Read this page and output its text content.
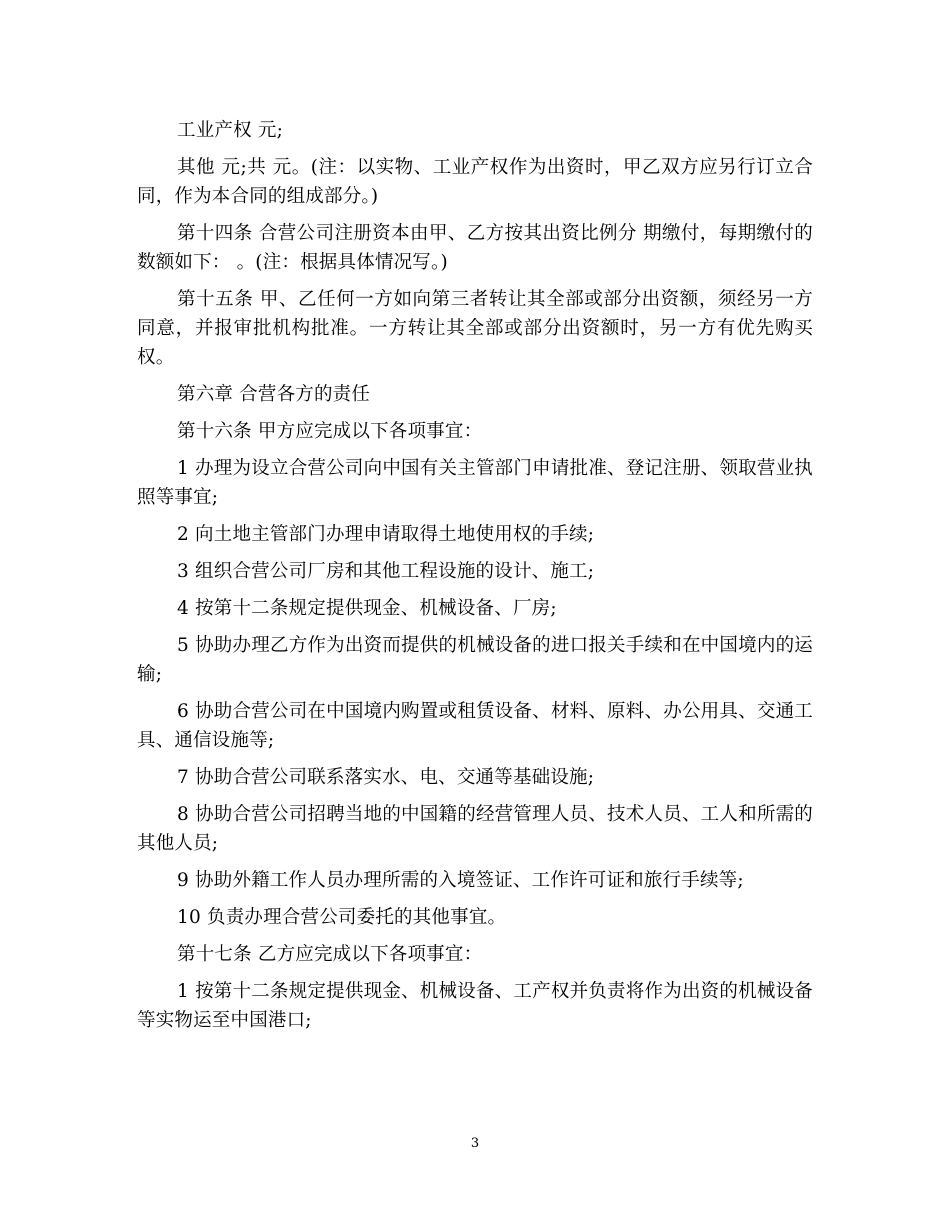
工业产权 元;

其他 元;共 元。(注：以实物、工业产权作为出资时，甲乙双方应另行订立合同，作为本合同的组成部分。)

第十四条 合营公司注册资本由甲、乙方按其出资比例分 期缴付，每期缴付的数额如下： 。(注：根据具体情况写。)

第十五条 甲、乙任何一方如向第三者转让其全部或部分出资额，须经另一方同意，并报审批机构批准。一方转让其全部或部分出资额时，另一方有优先购买权。

第六章 合营各方的责任

第十六条 甲方应完成以下各项事宜：

1 办理为设立合营公司向中国有关主管部门申请批准、登记注册、领取营业执照等事宜;

2 向土地主管部门办理申请取得土地使用权的手续;

3 组织合营公司厂房和其他工程设施的设计、施工;

4 按第十二条规定提供现金、机械设备、厂房;

5 协助办理乙方作为出资而提供的机械设备的进口报关手续和在中国境内的运输;

6 协助合营公司在中国境内购置或租赁设备、材料、原料、办公用具、交通工具、通信设施等;

7 协助合营公司联系落实水、电、交通等基础设施;

8 协助合营公司招聘当地的中国籍的经营管理人员、技术人员、工人和所需的其他人员;

9 协助外籍工作人员办理所需的入境签证、工作许可证和旅行手续等;

10 负责办理合营公司委托的其他事宜。

第十七条 乙方应完成以下各项事宜：

1 按第十二条规定提供现金、机械设备、工产权并负责将作为出资的机械设备等实物运至中国港口;

3
